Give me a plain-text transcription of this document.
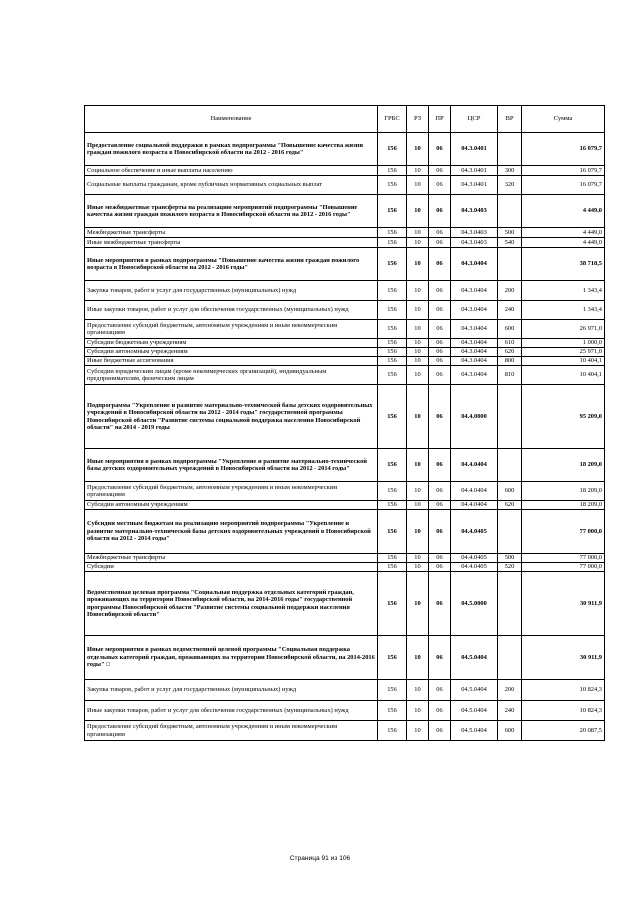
Наименование	ГРБС	РЗ	ПР	ЦСР	ВР	Сумма
Предоставление социальной поддержки в рамках подпрограммы "Повышение качества жизни граждан пожилого возраста в Новосибирской области на 2012 - 2016 годы"	156	10	06	04.3.0401		16 079,7
Социальное обеспечение и иные выплаты населению	156	10	06	04.3.0401	300	16 079,7
Социальные выплаты гражданам, кроме публичных нормативных социальных выплат	156	10	06	04.3.0401	320	16 079,7
Иные межбюджетные трансферты на реализацию мероприятий подпрограммы "Повышение качества жизни граждан пожилого возраста в Новосибирской области на 2012 - 2016 годы"	156	10	06	04.3.0403		4 449,0
Межбюджетные трансферты	156	10	06	04.3.0403	500	4 449,0
Иные межбюджетные трансферты	156	10	06	04.3.0403	540	4 449,0
Иные мероприятия в рамках подпрограммы "Повышение качества жизни граждан пожилого возраста в Новосибирской области на 2012 - 2016 годы"	156	10	06	04.3.0404		38 718,5
Закупка товаров, работ и услуг для государственных (муниципальных) нужд	156	10	06	04.3.0404	200	1 343,4
Иные закупки товаров, работ и услуг для обеспечения государственных (муниципальных) нужд	156	10	06	04.3.0404	240	1 343,4
Предоставление субсидий бюджетным, автономным учреждениям и иным некоммерческим организациям	156	10	06	04.3.0404	600	26 971,0
Субсидии бюджетным учреждениям	156	10	06	04.3.0404	610	1 000,0
Субсидии автономным учреждениям	156	10	06	04.3.0404	620	25 971,0
Иные бюджетные ассигнования	156	10	06	04.3.0404	800	10 404,1
Субсидии юридическим лицам (кроме некоммерческих организаций), индивидуальным предпринимателям, физическим лицам	156	10	06	04.3.0404	810	10 404,1
Подпрограмма "Укрепление и развитие материально-технической базы детских оздоровительных учреждений в Новосибирской области на 2012 - 2014 годы" государственной программы Новосибирской области "Развитие системы социальной поддержка населения Новосибирской области" на 2014 - 2019 годы	156	10	06	04.4.0000		95 209,0
Иные мероприятия в рамках подпрограммы "Укрепление и развитие материально-технической базы детских оздоровительных учреждений в Новосибирской области на 2012 - 2014 годы"	156	10	06	04.4.0404		18 209,0
Предоставление субсидий бюджетным, автономным учреждениям и иным некоммерческим организациям	156	10	06	04.4.0404	600	18 209,0
Субсидии автономным учреждениям	156	10	06	04.4.0404	620	18 209,0
Субсидии местным бюджетам на реализацию мероприятий подпрограммы "Укрепление и развитие материально-технической базы детских оздоровительных учреждений в Новосибирской области на 2012 - 2014 годы"	156	10	06	04.4.0405		77 000,0
Межбюджетные трансферты	156	10	06	04.4.0405	500	77 000,0
Субсидии	156	10	06	04.4.0405	520	77 000,0
Ведомственная целевая программа "Социальная поддержка отдельных категорий граждан, проживающих на территории Новосибирской области, на 2014-2016 годы" государственной программы Новосибирской области "Развитие системы социальной поддержки населения Новосибирской области"	156	10	06	04.5.0000		30 911,9
Иные мероприятия в рамках ведомственной целевой программы "Социальная поддержка отдельных категорий граждан, проживающих на территории Новосибирской области, на 2014-2016 годы" □	156	10	06	04.5.0404		30 911,9
Закупка товаров, работ и услуг для государственных (муниципальных) нужд	156	10	06	04.5.0404	200	10 824,3
Иные закупки товаров, работ и услуг для обеспечения государственных (муниципальных) нужд	156	10	06	04.5.0404	240	10 824,3
Предоставление субсидий бюджетным, автономным учреждениям и иным некоммерческим организациям	156	10	06	04.5.0404	600	20 087,5
Страница 91 из 106
